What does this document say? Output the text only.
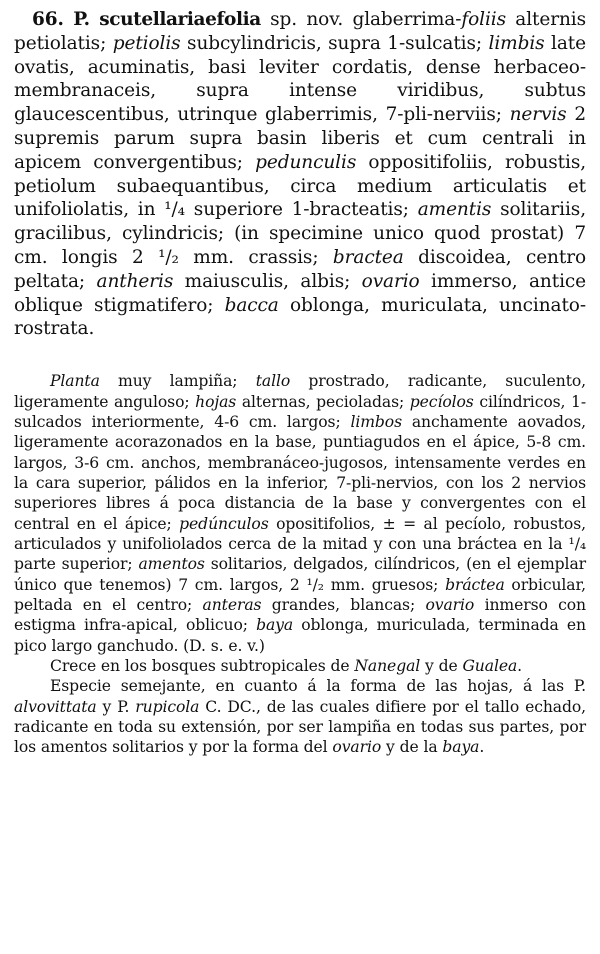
66. P. scutellariaefolia sp. nov. glaberrima-foliis alternis petiolatis; petiolis subcylindricis, supra 1-sulcatis; limbis late ovatis, acuminatis, basi leviter cordatis, dense herbaceo-membranaceis, supra intense viridibus, subtus glaucescentibus, utrinque glaberrimis, 7-pli-nerviis; nervis 2 supremis parum supra basin liberis et cum centrali in apicem convergentibus; pedunculis oppositifoliis, robustis, petiolum subaequantibus, circa medium articulatis et unifoliolatis, in ¹/₄ superiore 1-bracteatis; amentis solitariis, gracilibus, cylindricis; (in specimine unico quod prostat) 7 cm. longis 2 ¹/₂ mm. crassis; bractea discoidea, centro peltata; antheris maiusculis, albis; ovario immerso, antice oblique stigmatifero; bacca oblonga, muriculata, uncinato-rostrata.

Planta muy lampiña; tallo prostrado, radicante, suculento, ligeramente anguloso; hojas alternas, pecioladas; pecíolos cilíndricos, 1-sulcados interiormente, 4-6 cm. largos; limbos anchamente aovados, ligeramente acorazonados en la base, puntiagudos en el ápice, 5-8 cm. largos, 3-6 cm. anchos, membranáceo-jugosos, intensamente verdes en la cara superior, pálidos en la inferior, 7-pli-nervios, con los 2 nervios superiores libres á poca distancia de la base y convergentes con el central en el ápice; pedúnculos opositifolios, ± = al pecíolo, robustos, articulados y unifoliolados cerca de la mitad y con una bráctea en la ¹/₄ parte superior; amentos solitarios, delgados, cilíndricos, (en el ejemplar único que tenemos) 7 cm. largos, 2 ¹/₂ mm. gruesos; bráctea orbicular, peltada en el centro; anteras grandes, blancas; ovario inmerso con estigma infra-apical, oblicuo; baya oblonga, muriculada, terminada en pico largo ganchudo. (D. s. e. v.)

Crece en los bosques subtropicales de Nanegal y de Gualea.

Especie semejante, en cuanto á la forma de las hojas, á las P. alvovittata y P. rupicola C. DC., de las cuales difiere por el tallo echado, radicante en toda su extensión, por ser lampiña en todas sus partes, por los amentos solitarios y por la forma del ovario y de la baya.
